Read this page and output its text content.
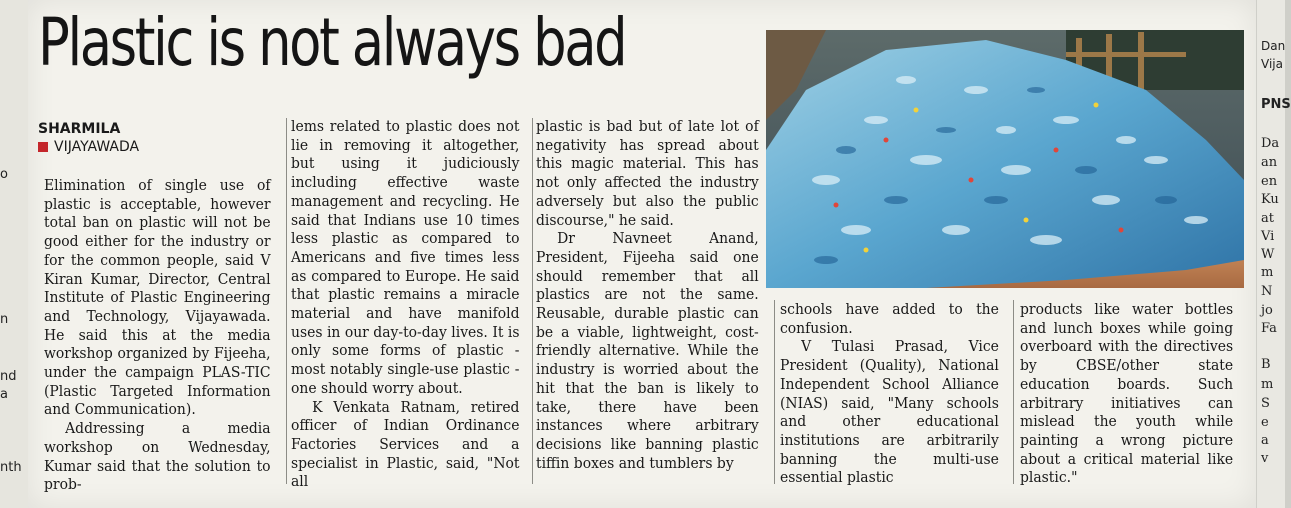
o
n
nd
a
nth
Plastic is not always bad
SHARMILA
VIJAYAWADA

Elimination of single use of plastic is acceptable, however total ban on plastic will not be good either for the industry or for the common people, said V Kiran Kumar, Director, Central Institute of Plastic Engineering and Technology, Vijayawada. He said this at the media workshop organized by Fijeeha, under the campaign PLAS-TIC (Plastic Targeted Information and Communication).

Addressing a media workshop on Wednesday, Kumar said that the solution to prob-

lems related to plastic does not lie in removing it altogether, but using it judiciously including effective waste management and recycling. He said that Indians use 10 times less plastic as compared to Americans and five times less as compared to Europe. He said that plastic remains a miracle material and have manifold uses in our day-to-day lives. It is only some forms of plastic - most notably single-use plastic - one should worry about.

K Venkata Ratnam, retired officer of Indian Ordinance Factories Services and a specialist in Plastic, said, "Not all

plastic is bad but of late lot of negativity has spread about this magic material. This has not only affected the industry adversely but also the public discourse," he said.

Dr Navneet Anand, President, Fijeeha said one should remember that all plastics are not the same. Reusable, durable plastic can be a viable, lightweight, cost-friendly alternative. While the industry is worried about the hit that the ban is likely to take, there have been instances where arbitrary decisions like banning plastic tiffin boxes and tumblers by

schools have added to the confusion.

V Tulasi Prasad, Vice President (Quality), National Independent School Alliance (NIAS) said, "Many schools and other educational institutions are arbitrarily banning the multi-use essential plastic

products like water bottles and lunch boxes while going overboard with the directives by CBSE/other state education boards. Such arbitrary initiatives can mislead the youth while painting a wrong picture about a critical material like plastic."

Dan
Vija
PNS
Da
an
en
Ku
at
Vi
W
m
N
jo
Fa
B
m
S
e
a
v
